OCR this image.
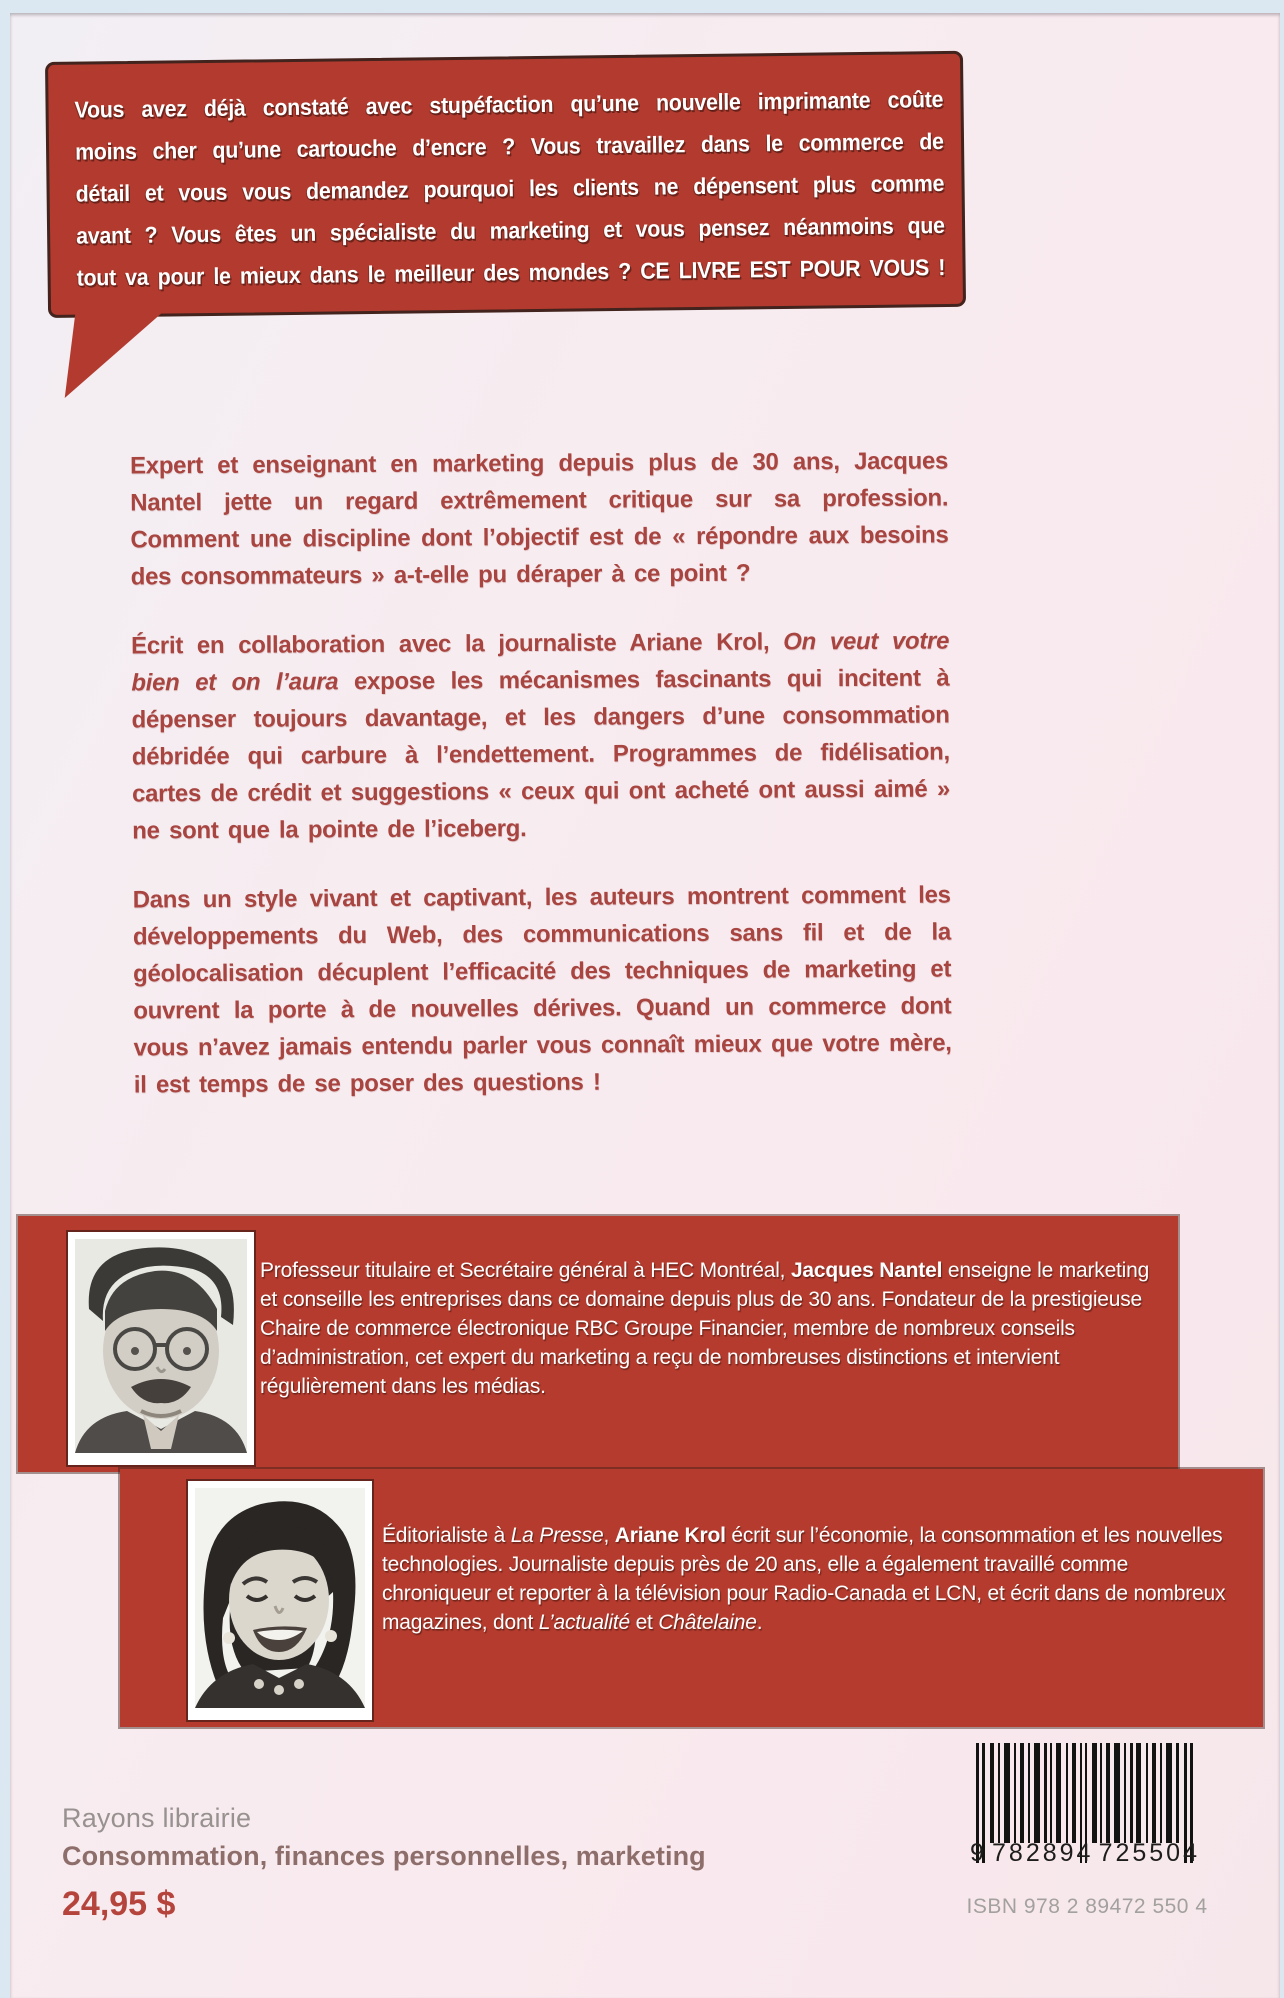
Vous avez déjà constaté avec stupéfaction qu’une nouvelle imprimante coûte
moins cher qu’une cartouche d’encre ? Vous travaillez dans le commerce de
détail et vous vous demandez pourquoi les clients ne dépensent plus comme
avant ? Vous êtes un spécialiste du marketing et vous pensez néanmoins que
tout va pour le mieux dans le meilleur des mondes ? CE LIVRE EST POUR VOUS !

Expert et enseignant en marketing depuis plus de 30 ans, Jacques Nantel jette un regard extrêmement critique sur sa profession. Comment une discipline dont l’objectif est de « répondre aux besoins des consommateurs » a-t-elle pu déraper à ce point ?

Écrit en collaboration avec la journaliste Ariane Krol, On veut votre bien et on l’aura expose les mécanismes fascinants qui incitent à dépenser toujours davantage, et les dangers d’une consommation débridée qui carbure à l’endettement. Programmes de fidélisation, cartes de crédit et suggestions « ceux qui ont acheté ont aussi aimé » ne sont que la pointe de l’iceberg.

Dans un style vivant et captivant, les auteurs montrent comment les développements du Web, des communications sans fil et de la géolocalisation décuplent l’efficacité des techniques de marketing et ouvrent la porte à de nouvelles dérives. Quand un commerce dont vous n’avez jamais entendu parler vous connaît mieux que votre mère, il est temps de se poser des questions !

Professeur titulaire et Secrétaire général à HEC Montréal, Jacques Nantel enseigne le marketing et conseille les entreprises dans ce domaine depuis plus de 30 ans. Fondateur de la prestigieuse Chaire de commerce électronique RBC Groupe Financier, membre de nombreux conseils d’administration, cet expert du marketing a reçu de nombreuses distinctions et intervient régulièrement dans les médias.

Éditorialiste à La Presse, Ariane Krol écrit sur l’économie, la consommation et les nouvelles technologies. Journaliste depuis près de 20 ans, elle a également travaillé comme chroniqueur et reporter à la télévision pour Radio-Canada et LCN, et écrit dans de nombreux magazines, dont L’actualité et Châtelaine.

Rayons librairie
Consommation, finances personnelles, marketing
24,95 $
9 782894 725504
ISBN 978 2 89472 550 4
